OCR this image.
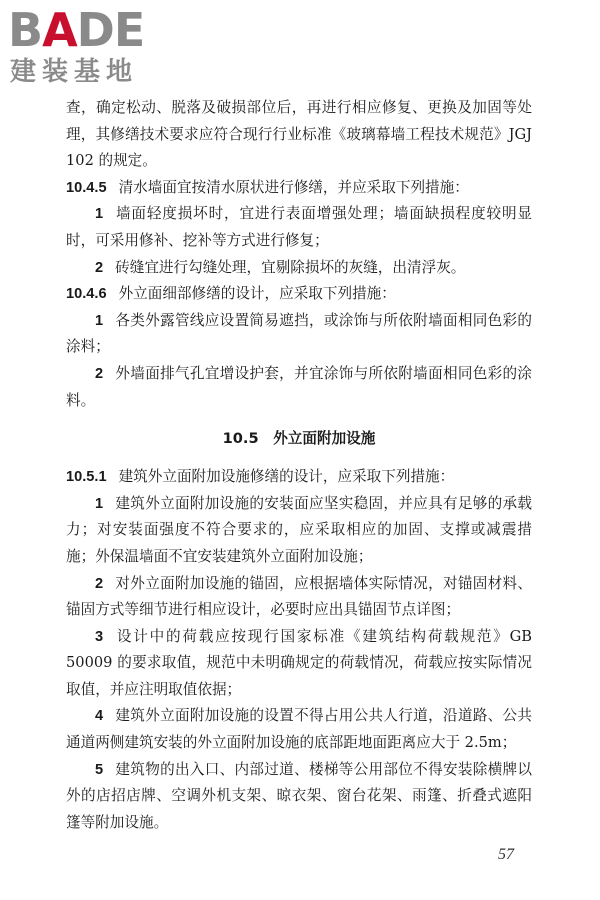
BADE
建装基地

查，确定松动、脱落及破损部位后，再进行相应修复、更换及加固等处理，其修缮技术要求应符合现行行业标准《玻璃幕墙工程技术规范》JGJ 102 的规定。

10.4.5 清水墙面宜按清水原状进行修缮，并应采取下列措施：

1 墙面轻度损坏时，宜进行表面增强处理；墙面缺损程度较明显时，可采用修补、挖补等方式进行修复；

2 砖缝宜进行勾缝处理，宜剔除损坏的灰缝，出清浮灰。

10.4.6 外立面细部修缮的设计，应采取下列措施：

1 各类外露管线应设置简易遮挡，或涂饰与所依附墙面相同色彩的涂料；

2 外墙面排气孔宜增设护套，并宜涂饰与所依附墙面相同色彩的涂料。

10.5　外立面附加设施

10.5.1 建筑外立面附加设施修缮的设计，应采取下列措施：

1 建筑外立面附加设施的安装面应坚实稳固，并应具有足够的承载力；对安装面强度不符合要求的，应采取相应的加固、支撑或减震措施；外保温墙面不宜安装建筑外立面附加设施；

2 对外立面附加设施的锚固，应根据墙体实际情况，对锚固材料、锚固方式等细节进行相应设计，必要时应出具锚固节点详图；

3 设计中的荷载应按现行国家标准《建筑结构荷载规范》GB 50009 的要求取值，规范中未明确规定的荷载情况，荷载应按实际情况取值，并应注明取值依据；

4 建筑外立面附加设施的设置不得占用公共人行道，沿道路、公共通道两侧建筑安装的外立面附加设施的底部距地面距离应大于 2.5m；

5 建筑物的出入口、内部过道、楼梯等公用部位不得安装除横牌以外的店招店牌、空调外机支架、晾衣架、窗台花架、雨篷、折叠式遮阳篷等附加设施。

57
